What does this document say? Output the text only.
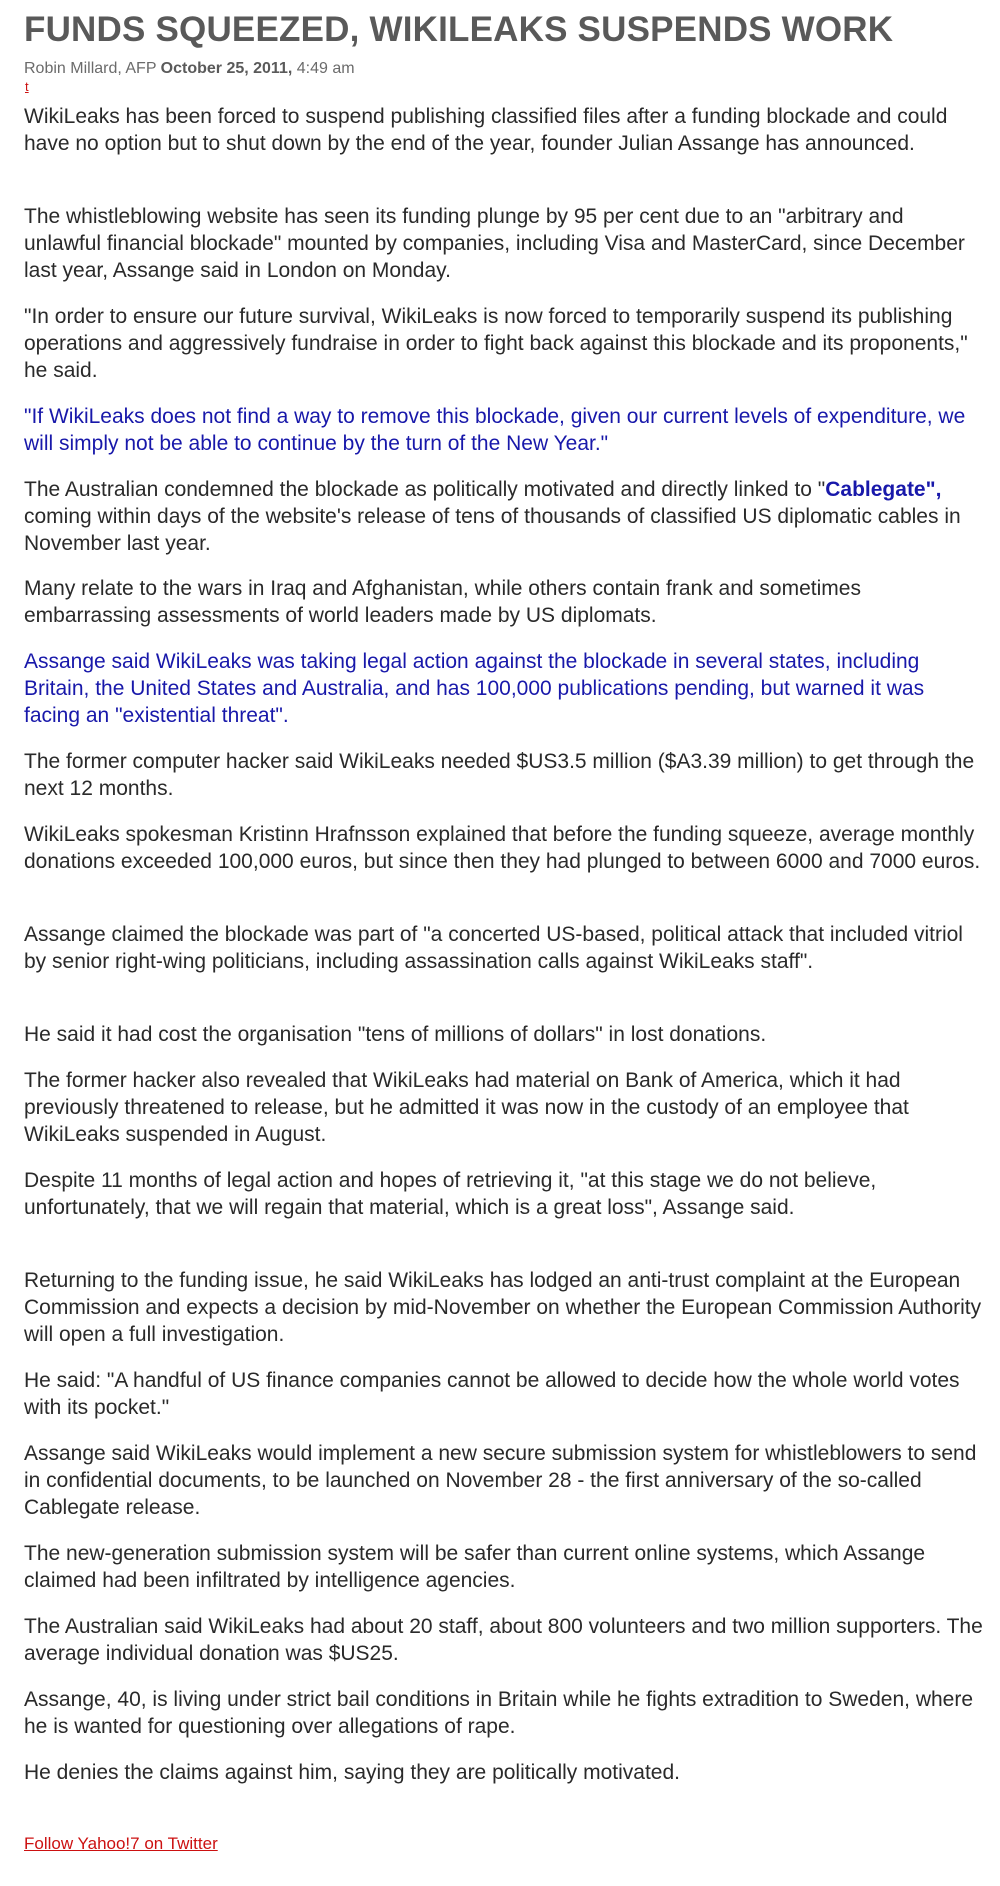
FUNDS SQUEEZED, WIKILEAKS SUSPENDS WORK

Robin Millard, AFP October 25, 2011, 4:49 am

t

WikiLeaks has been forced to suspend publishing classified files after a funding blockade and could have no option but to shut down by the end of the year, founder Julian Assange has announced.

The whistleblowing website has seen its funding plunge by 95 per cent due to an "arbitrary and unlawful financial blockade" mounted by companies, including Visa and MasterCard, since December last year, Assange said in London on Monday.

"In order to ensure our future survival, WikiLeaks is now forced to temporarily suspend its publishing operations and aggressively fundraise in order to fight back against this blockade and its proponents," he said.

"If WikiLeaks does not find a way to remove this blockade, given our current levels of expenditure, we will simply not be able to continue by the turn of the New Year."

The Australian condemned the blockade as politically motivated and directly linked to "Cablegate", coming within days of the website's release of tens of thousands of classified US diplomatic cables in November last year.

Many relate to the wars in Iraq and Afghanistan, while others contain frank and sometimes embarrassing assessments of world leaders made by US diplomats.

Assange said WikiLeaks was taking legal action against the blockade in several states, including Britain, the United States and Australia, and has 100,000 publications pending, but warned it was facing an "existential threat".

The former computer hacker said WikiLeaks needed $US3.5 million ($A3.39 million) to get through the next 12 months.

WikiLeaks spokesman Kristinn Hrafnsson explained that before the funding squeeze, average monthly donations exceeded 100,000 euros, but since then they had plunged to between 6000 and 7000 euros.

Assange claimed the blockade was part of "a concerted US-based, political attack that included vitriol by senior right-wing politicians, including assassination calls against WikiLeaks staff".

He said it had cost the organisation "tens of millions of dollars" in lost donations.

The former hacker also revealed that WikiLeaks had material on Bank of America, which it had previously threatened to release, but he admitted it was now in the custody of an employee that WikiLeaks suspended in August.

Despite 11 months of legal action and hopes of retrieving it, "at this stage we do not believe, unfortunately, that we will regain that material, which is a great loss", Assange said.

Returning to the funding issue, he said WikiLeaks has lodged an anti-trust complaint at the European Commission and expects a decision by mid-November on whether the European Commission Authority will open a full investigation.

He said: "A handful of US finance companies cannot be allowed to decide how the whole world votes with its pocket."

Assange said WikiLeaks would implement a new secure submission system for whistleblowers to send in confidential documents, to be launched on November 28 - the first anniversary of the so-called Cablegate release.

The new-generation submission system will be safer than current online systems, which Assange claimed had been infiltrated by intelligence agencies.

The Australian said WikiLeaks had about 20 staff, about 800 volunteers and two million supporters. The average individual donation was $US25.

Assange, 40, is living under strict bail conditions in Britain while he fights extradition to Sweden, where he is wanted for questioning over allegations of rape.

He denies the claims against him, saying they are politically motivated.

Follow Yahoo!7 on Twitter
